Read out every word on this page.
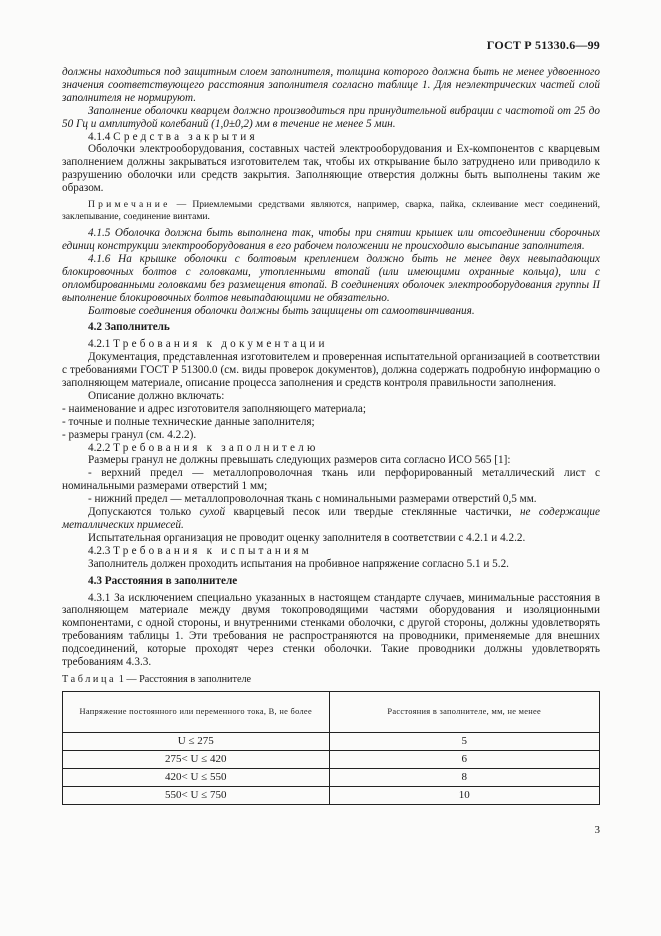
ГОСТ Р 51330.6—99

должны находиться под защитным слоем заполнителя, толщина которого должна быть не менее удвоенного значения соответствующего расстояния заполнителя согласно таблице 1. Для неэлектрических частей слой заполнителя не нормируют.

Заполнение оболочки кварцем должно производиться при принудительной вибрации с частотой от 25 до 50 Гц и амплитудой колебаний (1,0±0,2) мм в течение не менее 5 мин.

4.1.4 Средства закрытия

Оболочки электрооборудования, составных частей электрооборудования и Ex-компонентов с кварцевым заполнением должны закрываться изготовителем так, чтобы их открывание было затруднено или приводило к разрушению оболочки или средств закрытия. Заполняющие отверстия должны быть выполнены таким же образом.

Примечание — Приемлемыми средствами являются, например, сварка, пайка, склеивание мест соединений, заклепывание, соединение винтами.

4.1.5 Оболочка должна быть выполнена так, чтобы при снятии крышек или отсоединении сборочных единиц конструкции электрооборудования в его рабочем положении не происходило высыпание заполнителя.

4.1.6 На крышке оболочки с болтовым креплением должно быть не менее двух невыпадающих блокировочных болтов с головками, утопленными втопай (или имеющими охранные кольца), или с опломбированными головками без размещения втопай. В соединениях оболочек электрооборудования группы II выполнение блокировочных болтов невыпадающими не обязательно.

Болтовые соединения оболочки должны быть защищены от самоотвинчивания.

4.2 Заполнитель

4.2.1 Требования к документации

Документация, представленная изготовителем и проверенная испытательной организацией в соответствии с требованиями ГОСТ Р 51300.0 (см. виды проверок документов), должна содержать подробную информацию о заполняющем материале, описание процесса заполнения и средств контроля правильности заполнения.

Описание должно включать:

- наименование и адрес изготовителя заполняющего материала;

- точные и полные технические данные заполнителя;

- размеры гранул (см. 4.2.2).

4.2.2 Требования к заполнителю

Размеры гранул не должны превышать следующих размеров сита согласно ИСО 565 [1]:

- верхний предел — металлопроволочная ткань или перфорированный металлический лист с номинальными размерами отверстий 1 мм;

- нижний предел — металлопроволочная ткань с номинальными размерами отверстий 0,5 мм.

Допускаются только сухой кварцевый песок или твердые стеклянные частички, не содержащие металлических примесей.

Испытательная организация не проводит оценку заполнителя в соответствии с 4.2.1 и 4.2.2.

4.2.3 Требования к испытаниям

Заполнитель должен проходить испытания на пробивное напряжение согласно 5.1 и 5.2.

4.3 Расстояния в заполнителе

4.3.1 За исключением специально указанных в настоящем стандарте случаев, минимальные расстояния в заполняющем материале между двумя токопроводящими частями оборудования и изоляционными компонентами, с одной стороны, и внутренними стенками оболочки, с другой стороны, должны удовлетворять требованиям таблицы 1. Эти требования не распространяются на проводники, применяемые для внешних подсоединений, которые проходят через стенки оболочки. Такие проводники должны удовлетворять требованиям 4.3.3.

Таблица 1 — Расстояния в заполнителе
Напряжение постоянного или переменного тока, В, не более	Расстояния в заполнителе, мм, не менее
U ≤ 275	5
275< U ≤ 420	6
420< U ≤ 550	8
550< U ≤ 750	10
3
